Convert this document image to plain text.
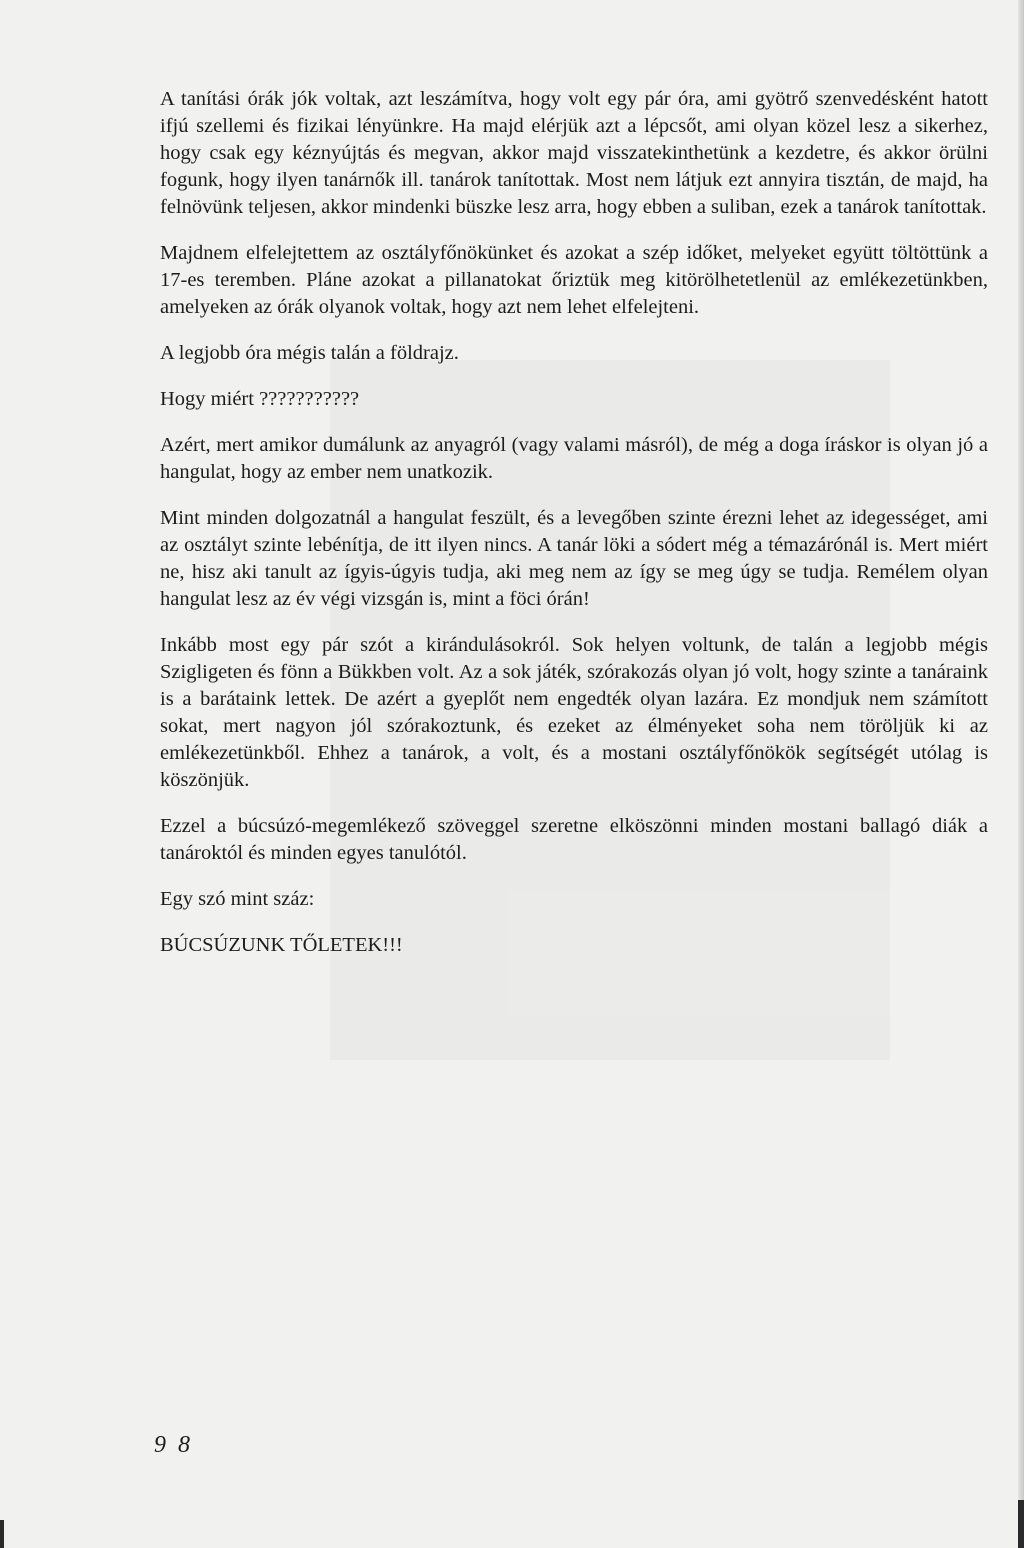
A tanítási órák jók voltak, azt leszámítva, hogy volt egy pár óra, ami gyötrő szenvedésként hatott ifjú szellemi és fizikai lényünkre. Ha majd elérjük azt a lépcsőt, ami olyan közel lesz a sikerhez, hogy csak egy kéznyújtás és megvan, akkor majd visszatekinthetünk a kezdetre, és akkor örülni fogunk, hogy ilyen tanárnők ill. tanárok tanítottak. Most nem látjuk ezt annyira tisztán, de majd, ha felnövünk teljesen, akkor mindenki büszke lesz arra, hogy ebben a suliban, ezek a tanárok tanítottak.

Majdnem elfelejtettem az osztályfőnökünket és azokat a szép időket, melyeket együtt töltöttünk a 17-es teremben. Pláne azokat a pillanatokat őriztük meg kitörölhetetlenül az emlékezetünkben, amelyeken az órák olyanok voltak, hogy azt nem lehet elfelejteni.

A legjobb óra mégis talán a földrajz.

Hogy miért ???????????

Azért, mert amikor dumálunk az anyagról (vagy valami másról), de még a doga íráskor is olyan jó a hangulat, hogy az ember nem unatkozik.

Mint minden dolgozatnál a hangulat feszült, és a levegőben szinte érezni lehet az idegességet, ami az osztályt szinte lebénítja, de itt ilyen nincs. A tanár löki a sódert még a témazárónál is. Mert miért ne, hisz aki tanult az ígyis-úgyis tudja, aki meg nem az így se meg úgy se tudja. Remélem olyan hangulat lesz az év végi vizsgán is, mint a föci órán!

Inkább most egy pár szót a kirándulásokról. Sok helyen voltunk, de talán a legjobb mégis Szigligeten és fönn a Bükkben volt. Az a sok játék, szórakozás olyan jó volt, hogy szinte a tanáraink is a barátaink lettek. De azért a gyeplőt nem engedték olyan lazára. Ez mondjuk nem számított sokat, mert nagyon jól szórakoztunk, és ezeket az élményeket soha nem töröljük ki az emlékezetünkből. Ehhez a tanárok, a volt, és a mostani osztályfőnökök segítségét utólag is köszönjük.

Ezzel a búcsúzó-megemlékező szöveggel szeretne elköszönni minden mostani ballagó diák a tanároktól és minden egyes tanulótól.

Egy szó mint száz:

BÚCSÚZUNK TŐLETEK!!!

9 8
